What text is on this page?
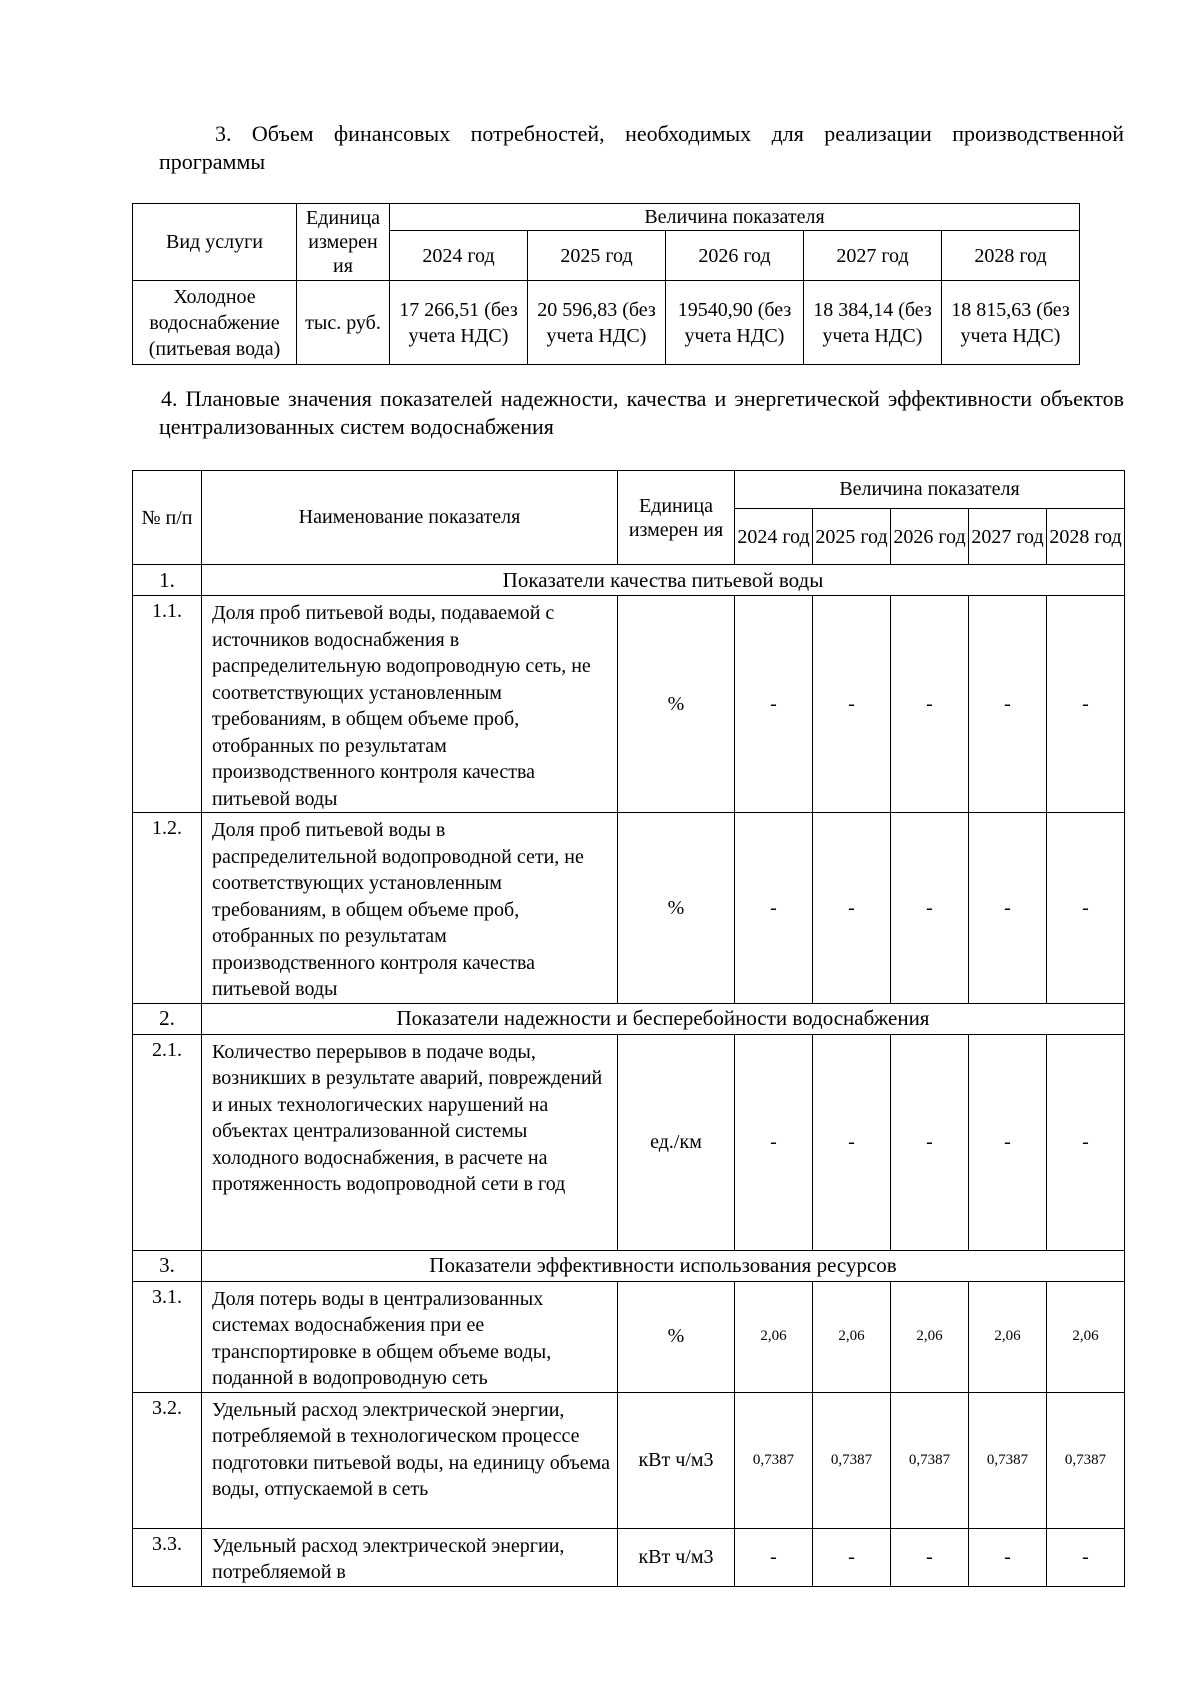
3. Объем финансовых потребностей, необходимых для реализации производственной программы
Вид услуги	Единица измерен ия	Величина показателя				
		2024 год	2025 год	2026 год	2027 год	2028 год
Холодное водоснабжение (питьевая вода)	тыс. руб.	17 266,51 (без учета НДС)	20 596,83 (без учета НДС)	19540,90 (без учета НДС)	18 384,14 (без учета НДС)	18 815,63 (без учета НДС)
4. Плановые значения показателей надежности, качества и энергетической эффективности объектов централизованных систем водоснабжения
№ п/п	Наименование показателя	Единица измерен ия	Величина показателя				
			2024 год	2025 год	2026 год	2027 год	2028 год
1.	Показатели качества питьевой воды						
1.1.	Доля проб питьевой воды, подаваемой с источников водоснабжения в распределительную водопроводную сеть, не соответствующих установленным требованиям, в общем объеме проб, отобранных по результатам производственного контроля качества питьевой воды	%	-	-	-	-	-
1.2.	Доля проб питьевой воды в распределительной водопроводной сети, не соответствующих установленным требованиям, в общем объеме проб, отобранных по результатам производственного контроля качества питьевой воды	%	-	-	-	-	-
2.	Показатели надежности и бесперебойности водоснабжения						
2.1.	Количество перерывов в подаче воды, возникших в результате аварий, повреждений и иных технологических нарушений на объектах централизованной системы холодного водоснабжения, в расчете на протяженность водопроводной сети в год	ед./км	-	-	-	-	-
3.	Показатели эффективности использования ресурсов						
3.1.	Доля потерь воды в централизованных системах водоснабжения при ее транспортировке в общем объеме воды, поданной в водопроводную сеть	%	2,06	2,06	2,06	2,06	2,06
3.2.	Удельный расход электрической энергии, потребляемой в технологическом процессе подготовки питьевой воды, на единицу объема воды, отпускаемой в сеть	кВт ч/м3	0,7387	0,7387	0,7387	0,7387	0,7387
3.3.	Удельный расход электрической энергии, потребляемой в	кВт ч/м3	-	-	-	-	-
